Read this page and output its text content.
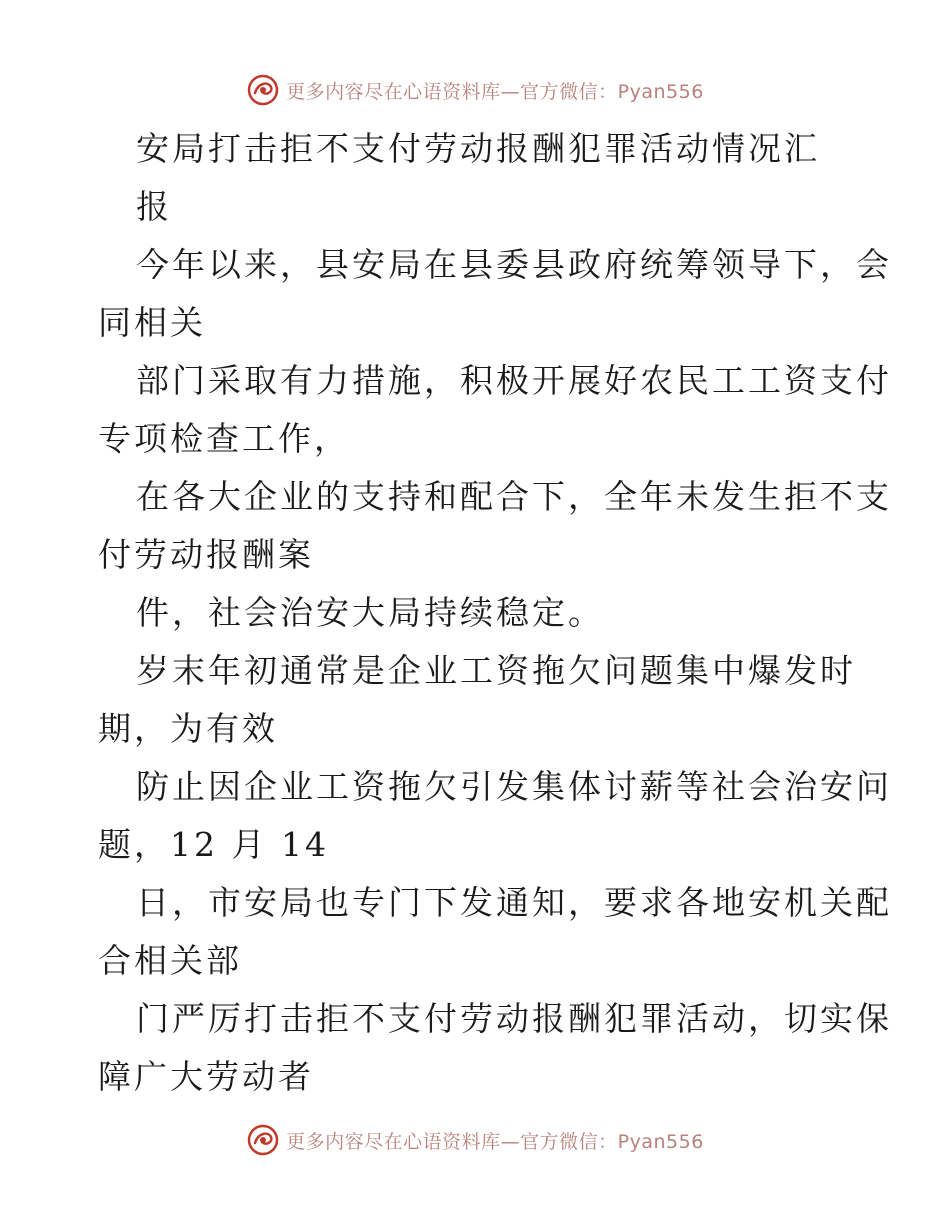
更多内容尽在心语资料库—官方微信：Pyan556
安局打击拒不支付劳动报酬犯罪活动情况汇
报
今年以来，县安局在县委县政府统筹领导下，会
同相关
部门采取有力措施，积极开展好农民工工资支付
专项检查工作，
在各大企业的支持和配合下，全年未发生拒不支
付劳动报酬案
件，社会治安大局持续稳定。
岁末年初通常是企业工资拖欠问题集中爆发时
期，为有效
防止因企业工资拖欠引发集体讨薪等社会治安问
题，12 月 14
日，市安局也专门下发通知，要求各地安机关配
合相关部
门严厉打击拒不支付劳动报酬犯罪活动，切实保
障广大劳动者
更多内容尽在心语资料库—官方微信：Pyan556
